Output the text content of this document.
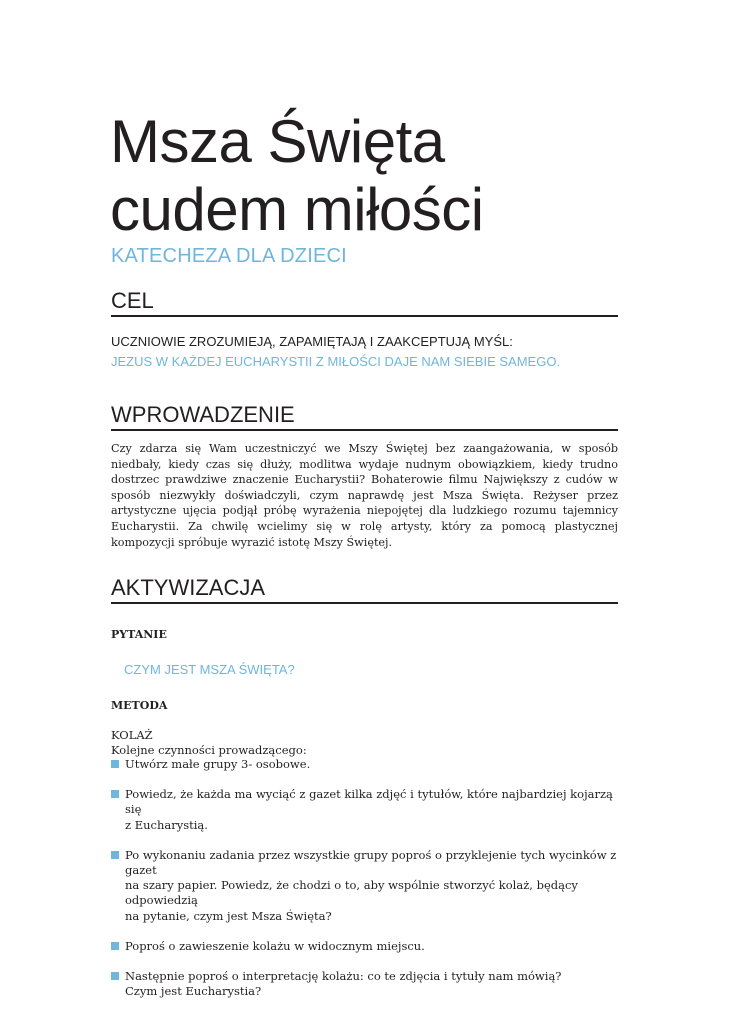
Msza Święta
cudem miłości
KATECHEZA DLA DZIECI
CEL
UCZNIOWIE ZROZUMIEJĄ, ZAPAMIĘTAJĄ I ZAAKCEPTUJĄ MYŚL:
JEZUS W KAŻDEJ EUCHARYSTII Z MIŁOŚCI DAJE NAM SIEBIE SAMEGO.
WPROWADZENIE

Czy zdarza się Wam uczestniczyć we Mszy Świętej bez zaangażowania, w sposób niedbały, kiedy czas się dłuży, modlitwa wydaje nudnym obowiązkiem, kiedy trudno dostrzec prawdziwe znaczenie Eucharystii? Bohaterowie filmu Największy z cudów w sposób niezwykły doświadczyli, czym naprawdę jest Msza Święta. Reżyser przez artystyczne ujęcia podjął próbę wyrażenia niepojętej dla ludzkiego rozumu tajemnicy Eucharystii. Za chwilę wcielimy się w rolę artysty, który za pomocą plastycznej kompozycji spróbuje wyrazić istotę Mszy Świętej.

AKTYWIZACJA
PYTANIE
CZYM JEST MSZA ŚWIĘTA?
METODA
KOLAŻ
Kolejne czynności prowadzącego:
Utwórz małe grupy 3- osobowe.
Powiedz, że każda ma wyciąć z gazet kilka zdjęć i tytułów, które najbardziej kojarzą się
z Eucharystią.
Po wykonaniu zadania przez wszystkie grupy poproś o przyklejenie tych wycinków z gazet
na szary papier. Powiedz, że chodzi o to, aby wspólnie stworzyć kolaż, będący odpowiedzią
na pytanie, czym jest Msza Święta?
Poproś o zawieszenie kolażu w widocznym miejscu.
Następnie poproś o interpretację kolażu: co te zdjęcia i tytuły nam mówią?
Czym jest Eucharystia?
